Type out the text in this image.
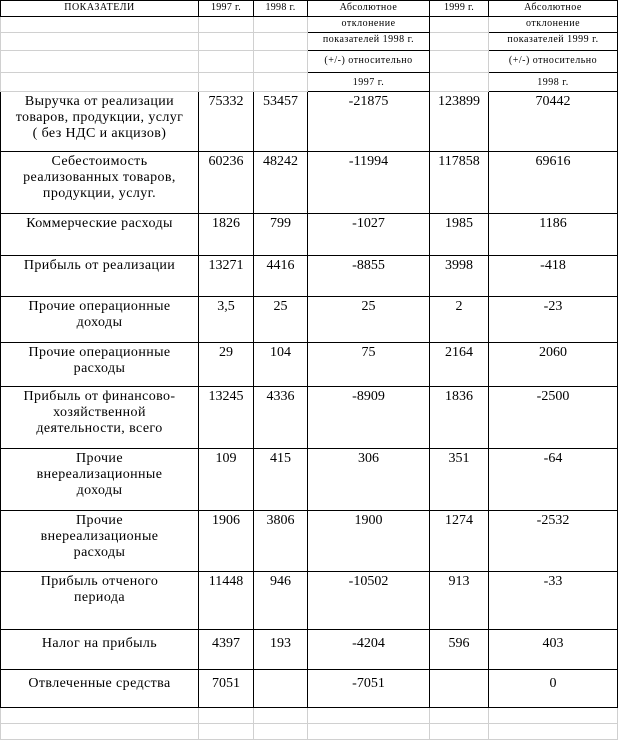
ПОКАЗАТЕЛИ	1997 г.	1998 г.	Абсолютное	1999 г.	Абсолютное
			отклонение		отклонение
			показателей 1998 г.		показателей 1999 г.
			(+/-) относительно		(+/-) относительно
			1997 г.		1998 г.

Выручка от реализации
товаров, продукции, услуг
( без НДС и акцизов)	75332	53457	-21875	123899	70442

Себестоимость
реализованных товаров,
продукции, услуг.	60236	48242	-11994	117858	69616

Коммерческие расходы	1826	799	-1027	1985	1186

Прибыль от реализации	13271	4416	-8855	3998	-418

Прочие операционные
доходы	3,5	25	25	2	-23

Прочие операционные
расходы	29	104	75	2164	2060

Прибыль от финансово-
хозяйственной
деятельности, всего	13245	4336	-8909	1836	-2500

Прочие
внереализационные
доходы	109	415	306	351	-64

Прочие
внереализационые
расходы	1906	3806	1900	1274	-2532

Прибыль отченого
периода	11448	946	-10502	913	-33

Налог на прибыль	4397	193	-4204	596	403

Отвлеченные средства	7051		-7051		0
